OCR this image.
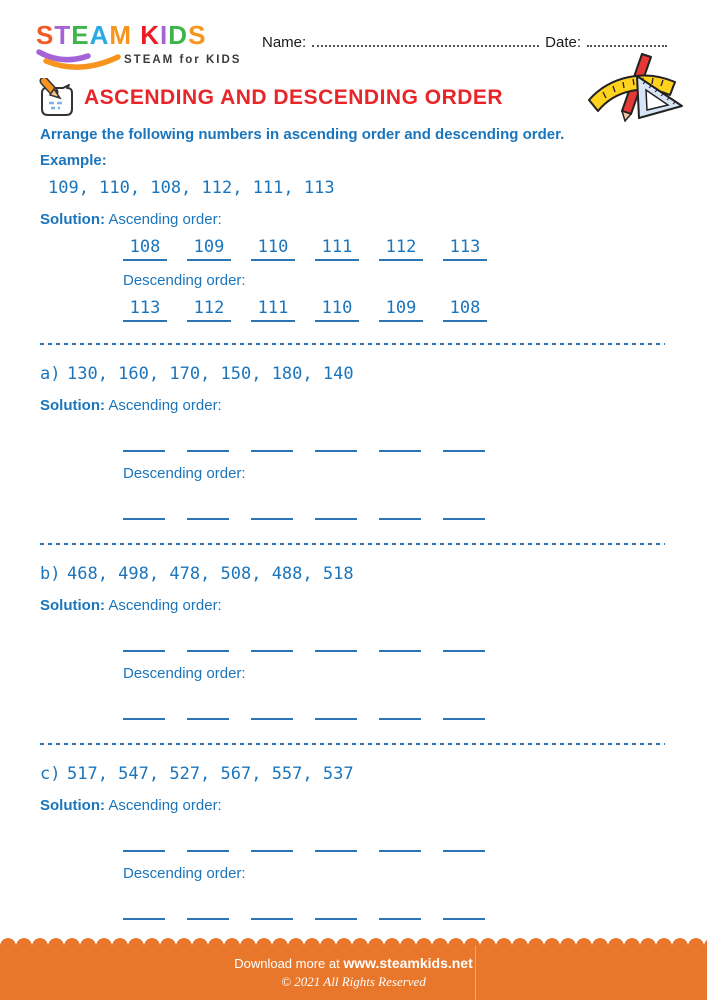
STEAM KIDS
STEAM for KIDS
Name:	Date:
ASCENDING AND DESCENDING ORDER
Arrange the following numbers in ascending order and descending order.
Example:
109, 110, 108, 112, 111, 113
Solution: Ascending order:
108 109 110 111 112 113
Descending order:
113 112 111 110 109 108
a) 130, 160, 170, 150, 180, 140
Solution: Ascending order:
Descending order:
b) 468, 498, 478, 508, 488, 518
Solution: Ascending order:
Descending order:
c) 517, 547, 527, 567, 557, 537
Solution: Ascending order:
Descending order:
Download more at www.steamkids.net
© 2021 All Rights Reserved
